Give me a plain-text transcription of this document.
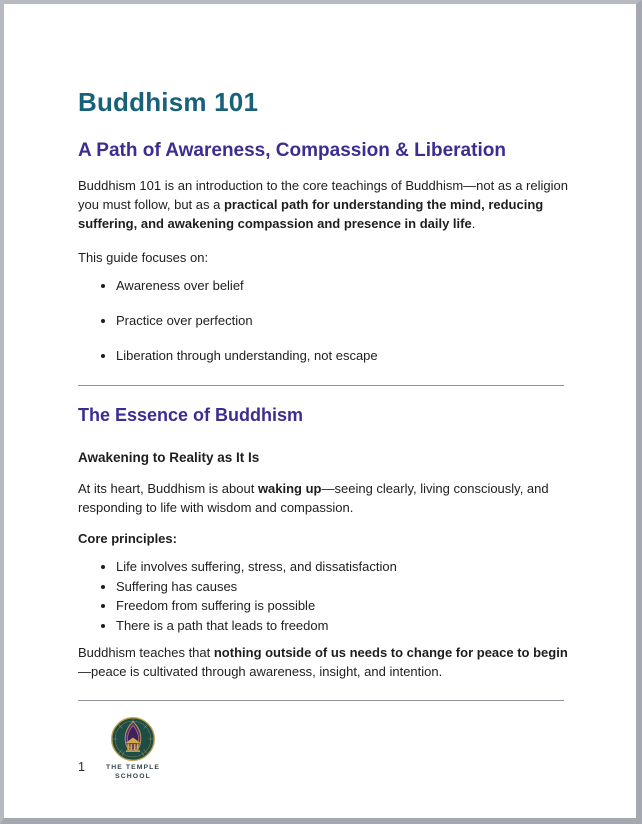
Buddhism 101
A Path of Awareness, Compassion & Liberation

Buddhism 101 is an introduction to the core teachings of Buddhism—not as a religion you must follow, but as a practical path for understanding the mind, reducing suffering, and awakening compassion and presence in daily life.

This guide focuses on:

• Awareness over belief
• Practice over perfection
• Liberation through understanding, not escape
The Essence of Buddhism
Awakening to Reality as It Is

At its heart, Buddhism is about waking up—seeing clearly, living consciously, and responding to life with wisdom and compassion.

Core principles:

• Life involves suffering, stress, and dissatisfaction
• Suffering has causes
• Freedom from suffering is possible
• There is a path that leads to freedom

Buddhism teaches that nothing outside of us needs to change for peace to begin—peace is cultivated through awareness, insight, and intention.

1	THE TEMPLE
SCHOOL
